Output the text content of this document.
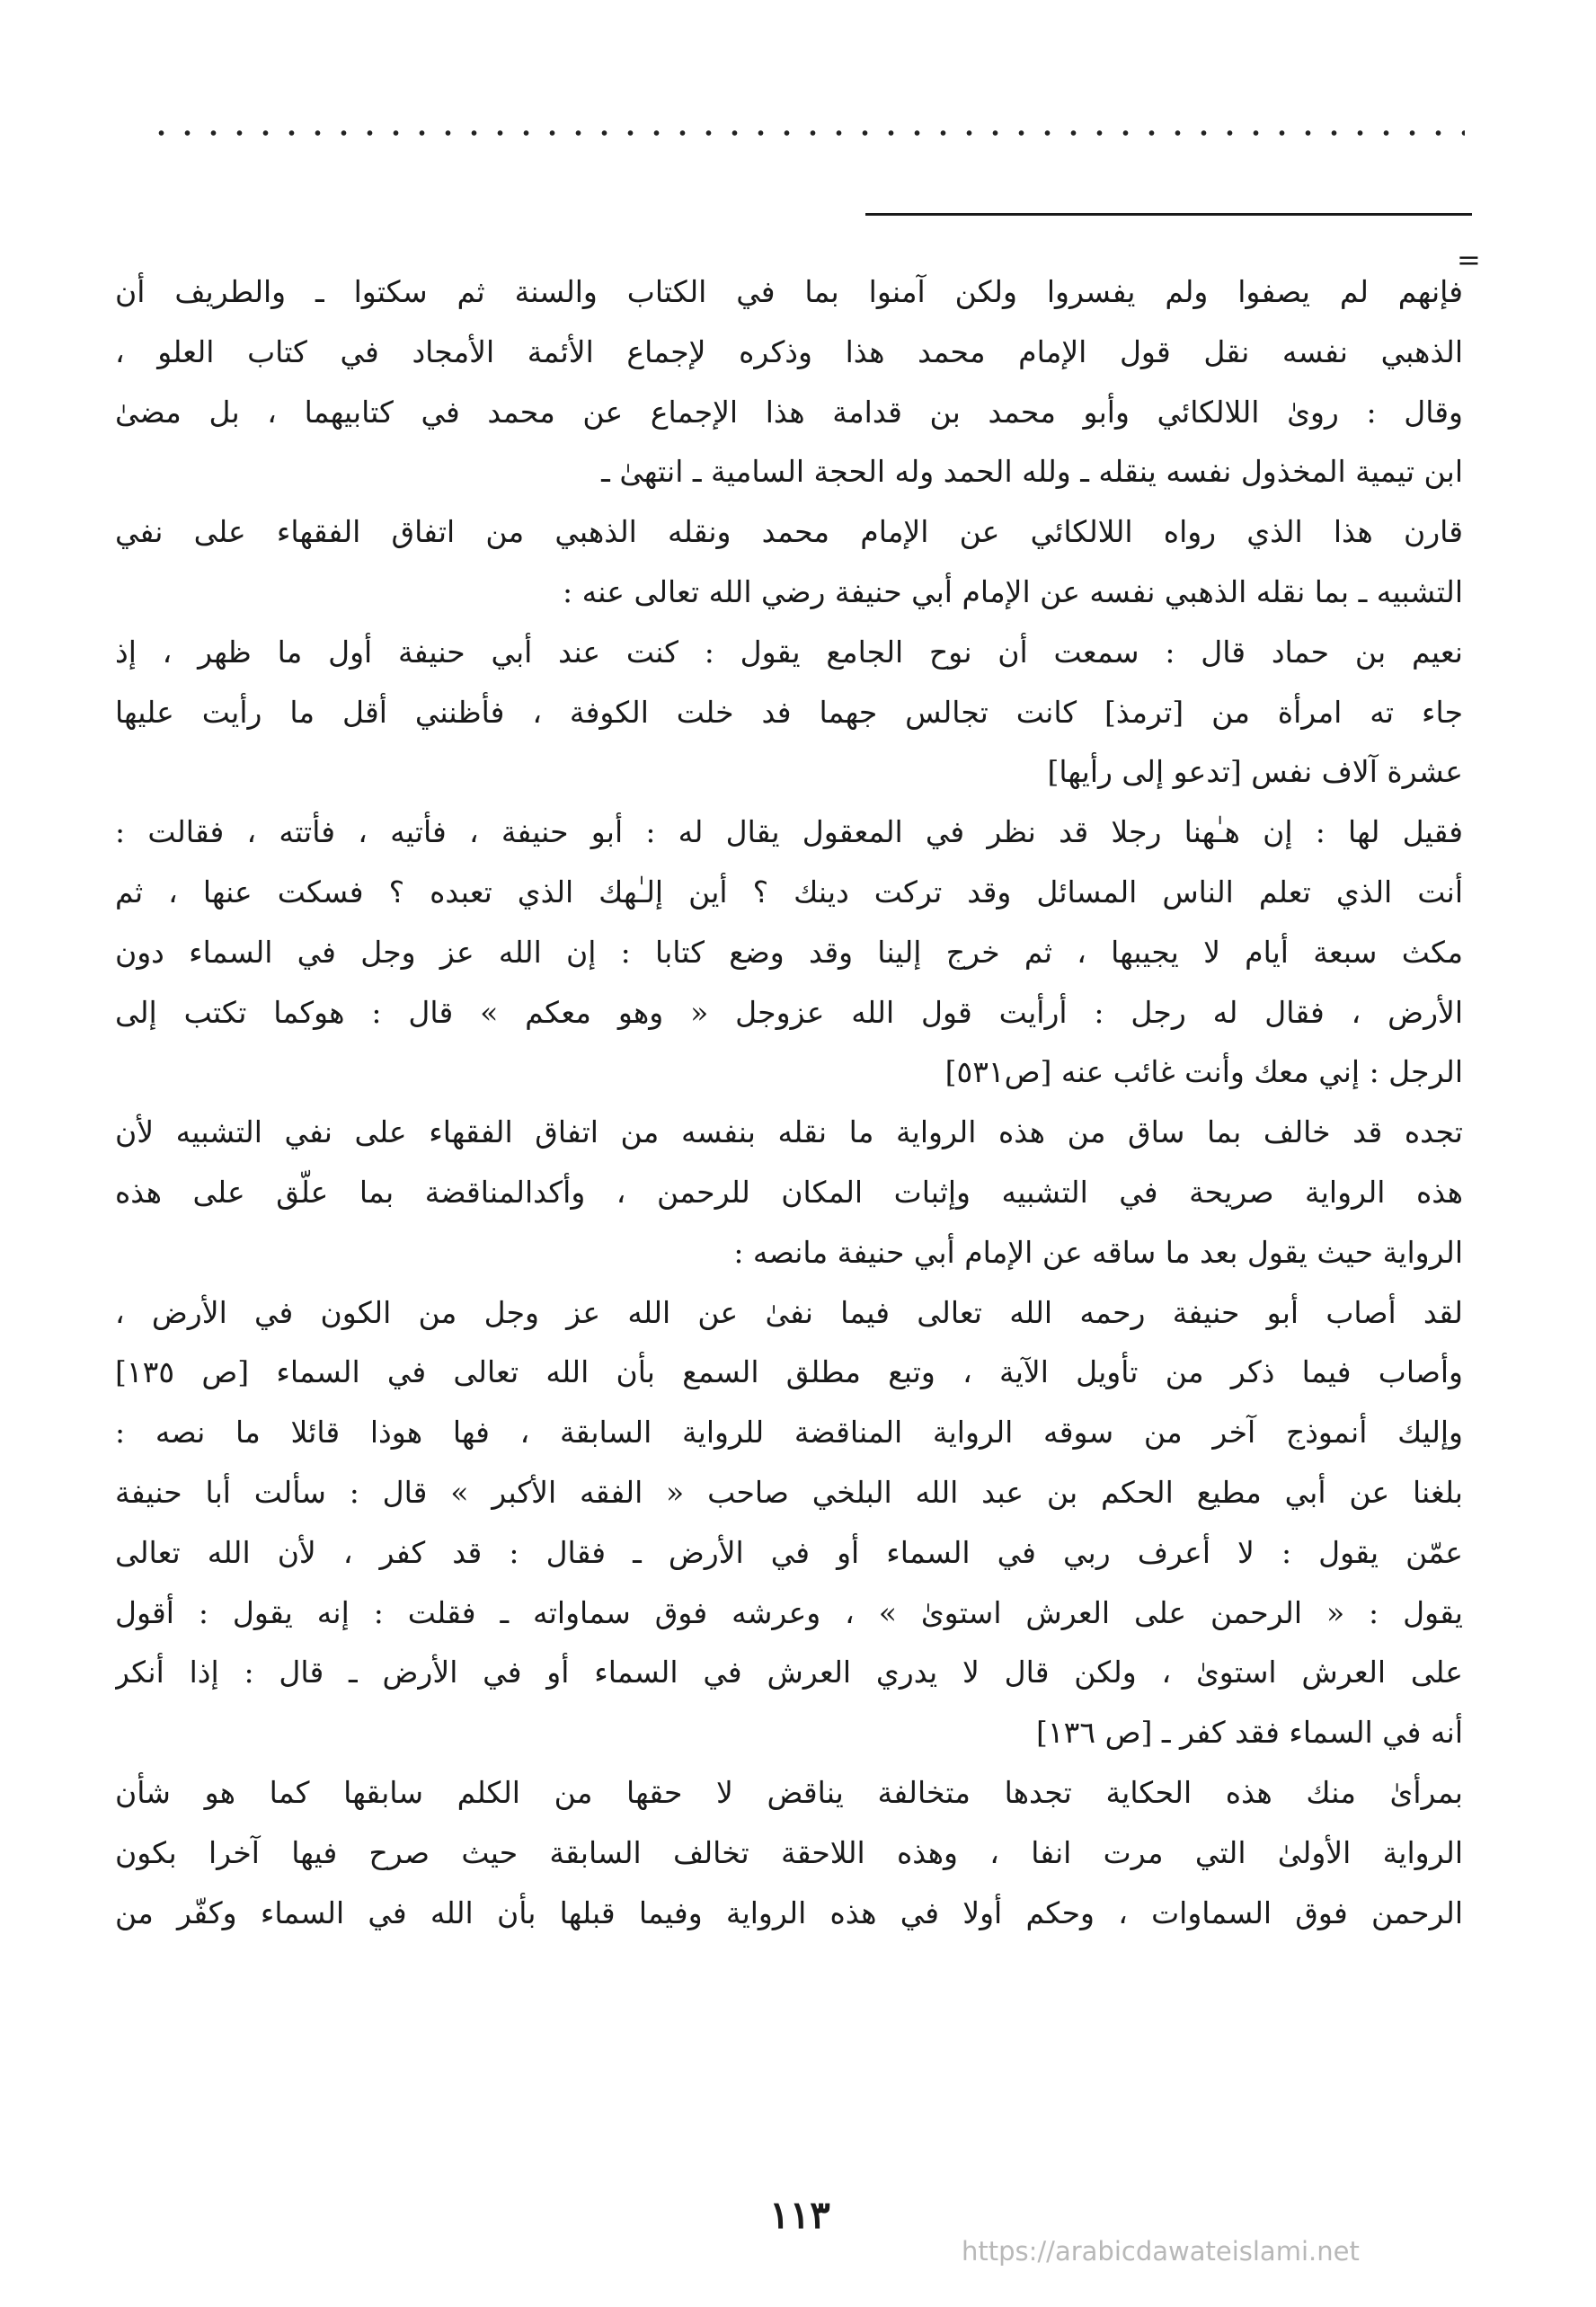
=
فإنهم لم يصفوا ولم يفسروا ولكن آمنوا بما في الكتاب والسنة ثم سكتوا ـ والطريف أن
الذهبي نفسه نقل قول الإمام محمد هذا وذكره لإجماع الأئمة الأمجاد في كتاب العلو ،
وقال : روىٰ اللالكائي وأبو محمد بن قدامة هذا الإجماع عن محمد في كتابيهما ، بل مضىٰ
ابن تيمية المخذول نفسه ينقله ـ ولله الحمد وله الحجة السامية ـ انتهىٰ ـ
قارن هذا الذي رواه اللالكائي عن الإمام محمد ونقله الذهبي من اتفاق الفقهاء على نفي
التشبيه ـ بما نقله الذهبي نفسه عن الإمام أبي حنيفة رضي الله تعالى عنه :
نعيم بن حماد قال : سمعت أن نوح الجامع يقول : كنت عند أبي حنيفة أول ما ظهر ، إذ
جاء ته امرأة من [ترمذ] كانت تجالس جهما فد خلت الكوفة ، فأظنني أقل ما رأيت عليها
عشرة آلاف نفس [تدعو إلى رأيها]
فقيل لها : إن هـٰهنا رجلا قد نظر في المعقول يقال له : أبو حنيفة ، فأتيه ، فأتته ، فقالت :
أنت الذي تعلم الناس المسائل وقد تركت دينك ؟ أين إلـٰهك الذي تعبده ؟ فسكت عنها ، ثم
مكث سبعة أيام لا يجيبها ، ثم خرج إلينا وقد وضع كتابا : إن الله عز وجل في السماء دون
الأرض ، فقال له رجل : أرأيت قول الله عزوجل « وهو معكم » قال : هوكما تكتب إلى
الرجل : إني معك وأنت غائب عنه [ص٥٣١]
تجده قد خالف بما ساق من هذه الرواية ما نقله بنفسه من اتفاق الفقهاء على نفي التشبيه لأن
هذه الرواية صريحة في التشبيه وإثبات المكان للرحمن ، وأكدالمناقضة بما علّق على هذه
الرواية حيث يقول بعد ما ساقه عن الإمام أبي حنيفة مانصه :
لقد أصاب أبو حنيفة رحمه الله تعالى فيما نفىٰ عن الله عز وجل من الكون في الأرض ،
وأصاب فيما ذكر من تأويل الآية ، وتبع مطلق السمع بأن الله تعالى في السماء [ص ١٣٥]
وإليك أنموذج آخر من سوقه الرواية المناقضة للرواية السابقة ، فها هوذا قائلا ما نصه :
بلغنا عن أبي مطيع الحكم بن عبد الله البلخي صاحب « الفقه الأكبر » قال : سألت أبا حنيفة
عمّن يقول : لا أعرف ربي في السماء أو في الأرض ـ فقال : قد كفر ، لأن الله تعالى
يقول : « الرحمن على العرش استوىٰ » ، وعرشه فوق سماواته ـ فقلت : إنه يقول : أقول
على العرش استوىٰ ، ولكن قال لا يدري العرش في السماء أو في الأرض ـ قال : إذا أنكر
أنه في السماء فقد كفر ـ [ص ١٣٦]
بمرأىٰ منك هذه الحكاية تجدها متخالفة يناقض لا حقها من الكلم سابقها كما هو شأن
الرواية الأولىٰ التي مرت انفا ، وهذه اللاحقة تخالف السابقة حيث صرح فيها آخرا بكون
الرحمن فوق السماوات ، وحكم أولا في هذه الرواية وفيما قبلها بأن الله في السماء وكفّر من
١١٣
https://arabicdawateislami.net
